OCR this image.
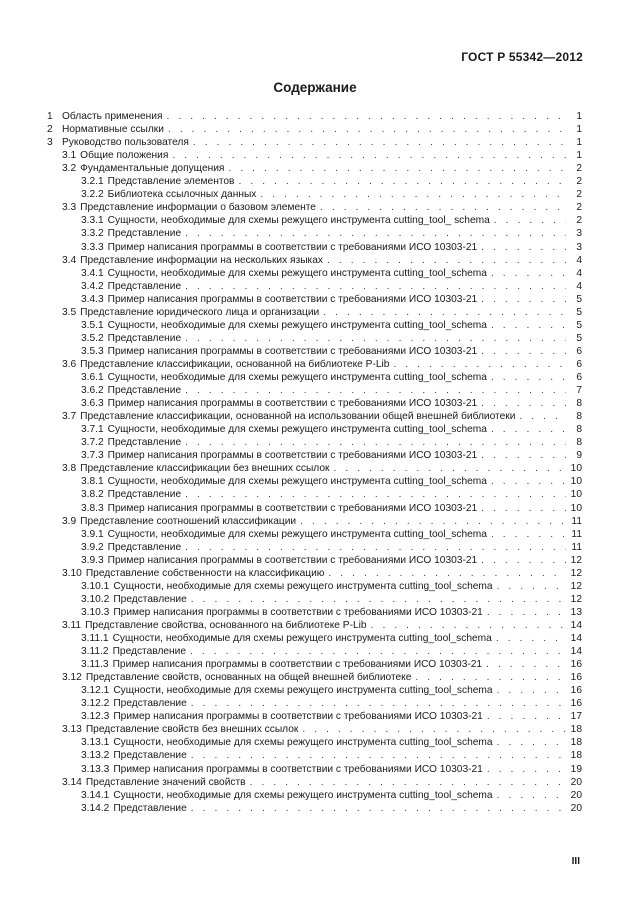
ГОСТ Р 55342—2012
Содержание
1 Область применения . . .	1
2 Нормативные ссылки . . .	1
3 Руководство пользователя . . .	1
3.1 Общие положения . . .	1
3.2 Фундаментальные допущения . . .	2
3.2.1 Представление элементов . . .	2
3.2.2 Библиотека ссылочных данных . . .	2
3.3 Представление информации о базовом элементе . . .	2
3.3.1 Сущности, необходимые для схемы режущего инструмента cutting_tool_ schema . . .	2
3.3.2 Представление . . .	3
3.3.3 Пример написания программы в соответствии с требованиями ИСО 10303-21 . . .	3
3.4 Представление информации на нескольких языках . . .	4
3.4.1 Сущности, необходимые для схемы режущего инструмента cutting_tool_schema . . .	4
3.4.2 Представление . . .	4
3.4.3 Пример написания программы в соответствии с требованиями ИСО 10303-21 . . .	5
3.5 Представление юридического лица и организации . . .	5
3.5.1 Сущности, необходимые для схемы режущего инструмента cutting_tool_schema . . .	5
3.5.2 Представление . . .	5
3.5.3 Пример написания программы в соответствии с требованиями ИСО 10303-21 . . .	6
3.6 Представление классификации, основанной на библиотеке P-Lib . . .	6
3.6.1 Сущности, необходимые для схемы режущего инструмента cutting_tool_schema . . .	6
3.6.2 Представление . . .	7
3.6.3 Пример написания программы в соответствии с требованиями ИСО 10303-21 . . .	8
3.7 Представление классификации, основанной на использовании общей внешней библиотеки . . .	8
3.7.1 Сущности, необходимые для схемы режущего инструмента cutting_tool_schema . . .	8
3.7.2 Представление . . .	8
3.7.3 Пример написания программы в соответствии с требованиями ИСО 10303-21 . . .	9
3.8 Представление классификации без внешних ссылок . . .	10
3.8.1 Сущности, необходимые для схемы режущего инструмента cutting_tool_schema . . .	10
3.8.2 Представление . . .	10
3.8.3 Пример написания программы в соответствии с требованиями ИСО 10303-21 . . .	10
3.9 Представление соотношений классификации . . .	11
3.9.1 Сущности, необходимые для схемы режущего инструмента cutting_tool_schema . . .	11
3.9.2 Представление . . .	11
3.9.3 Пример написания программы в соответствии с требованиями ИСО 10303-21 . . .	12
3.10 Представление собственности на классификацию . . .	12
3.10.1 Сущности, необходимые для схемы режущего инструмента cutting_tool_schema . . .	12
3.10.2 Представление . . .	12
3.10.3 Пример написания программы в соответствии с требованиями ИСО 10303-21 . . .	13
3.11 Представление свойства, основанного на библиотеке P-Lib . . .	14
3.11.1 Сущности, необходимые для схемы режущего инструмента cutting_tool_schema . . .	14
3.11.2 Представление . . .	14
3.11.3 Пример написания программы в соответствии с требованиями ИСО 10303-21 . . .	16
3.12 Представление свойств, основанных на общей внешней библиотеке . . .	16
3.12.1 Сущности, необходимые для схемы режущего инструмента cutting_tool_schema . . .	16
3.12.2 Представление . . .	16
3.12.3 Пример написания программы в соответствии с требованиями ИСО 10303-21 . . .	17
3.13 Представление свойств без внешних ссылок . . .	18
3.13.1 Сущности, необходимые для схемы режущего инструмента cutting_tool_schema . . .	18
3.13.2 Представление . . .	18
3.13.3 Пример написания программы в соответствии с требованиями ИСО 10303-21 . . .	19
3.14 Представление значений свойств . . .	20
3.14.1 Сущности, необходимые для схемы режущего инструмента cutting_tool_schema . . .	20
3.14.2 Представление . . .	20
III
